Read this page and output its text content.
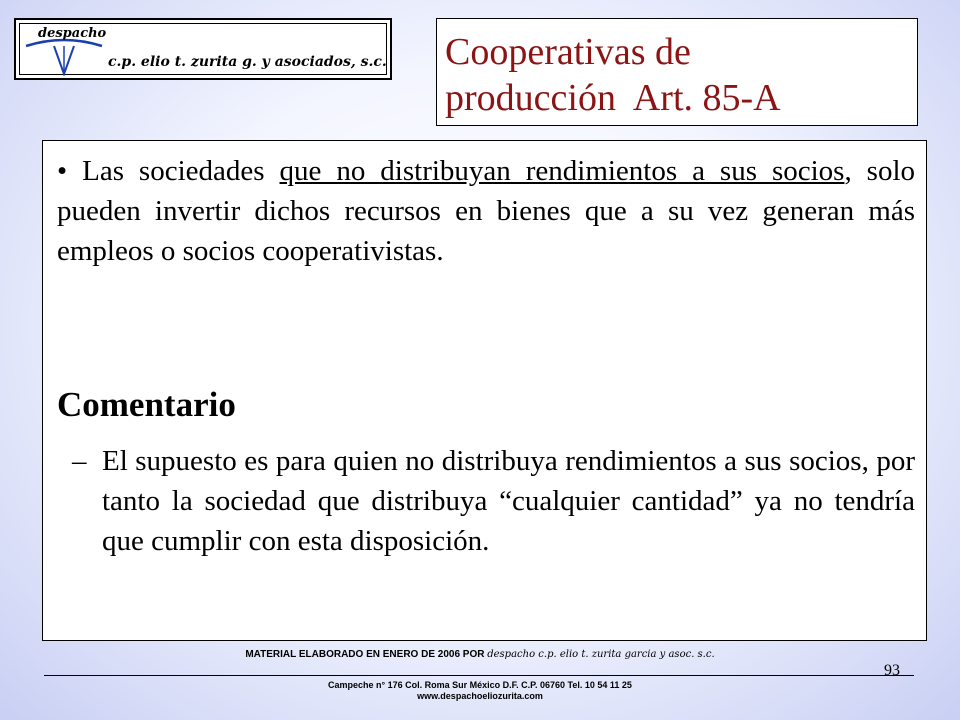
despacho
c.p. elio t. zurita g. y asociados, s.c. Cooperativas de
producción  Art. 85-A
• Las sociedades que no distribuyan rendimientos a sus socios, solo pueden invertir dichos recursos en bienes que a su vez generan más empleos o socios cooperativistas.
Comentario
– El supuesto es para quien no distribuya rendimientos a sus socios, por tanto la sociedad que distribuya “cualquier cantidad” ya no tendría que cumplir con esta disposición.
MATERIAL ELABORADO EN ENERO DE 2006 POR despacho c.p. elio t. zurita garcia y asoc. s.c.
93
Campeche n° 176 Col. Roma Sur México D.F. C.P. 06760 Tel. 10 54 11 25
www.despachoeliozurita.com
